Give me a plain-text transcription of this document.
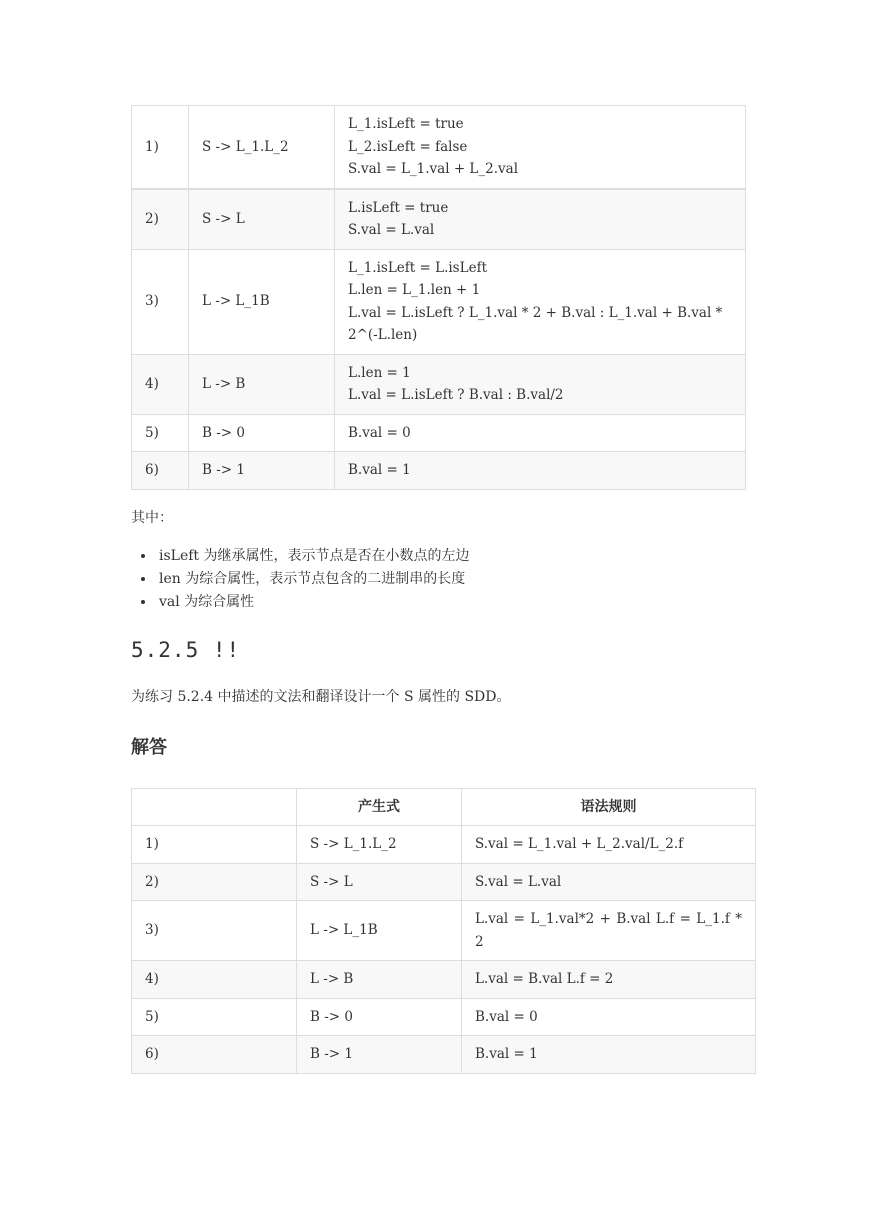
1)	S -> L_1.L_2	L_1.isLeft = true
L_2.isLeft = false
S.val = L_1.val + L_2.val

2)	S -> L	L.isLeft = true
S.val = L.val

3)	L -> L_1B	L_1.isLeft = L.isLeft
L.len = L_1.len + 1
L.val = L.isLeft ? L_1.val * 2 + B.val : L_1.val + B.val * 2^(-L.len)

4)	L -> B	L.len = 1
L.val = L.isLeft ? B.val : B.val/2

5)	B -> 0	B.val = 0

6)	B -> 1	B.val = 1

其中：

• isLeft 为继承属性，表示节点是否在小数点的左边
• len 为综合属性，表示节点包含的二进制串的长度
• val 为综合属性
5.2.5 !!

为练习 5.2.4 中描述的文法和翻译设计一个 S 属性的 SDD。

解答
	产生式	语法规则
1)	S -> L_1.L_2	S.val = L_1.val + L_2.val/L_2.f
2)	S -> L	S.val = L.val
3)	L -> L_1B	L.val = L_1.val*2 + B.val L.f = L_1.f * 2
4)	L -> B	L.val = B.val L.f = 2
5)	B -> 0	B.val = 0
6)	B -> 1	B.val = 1
